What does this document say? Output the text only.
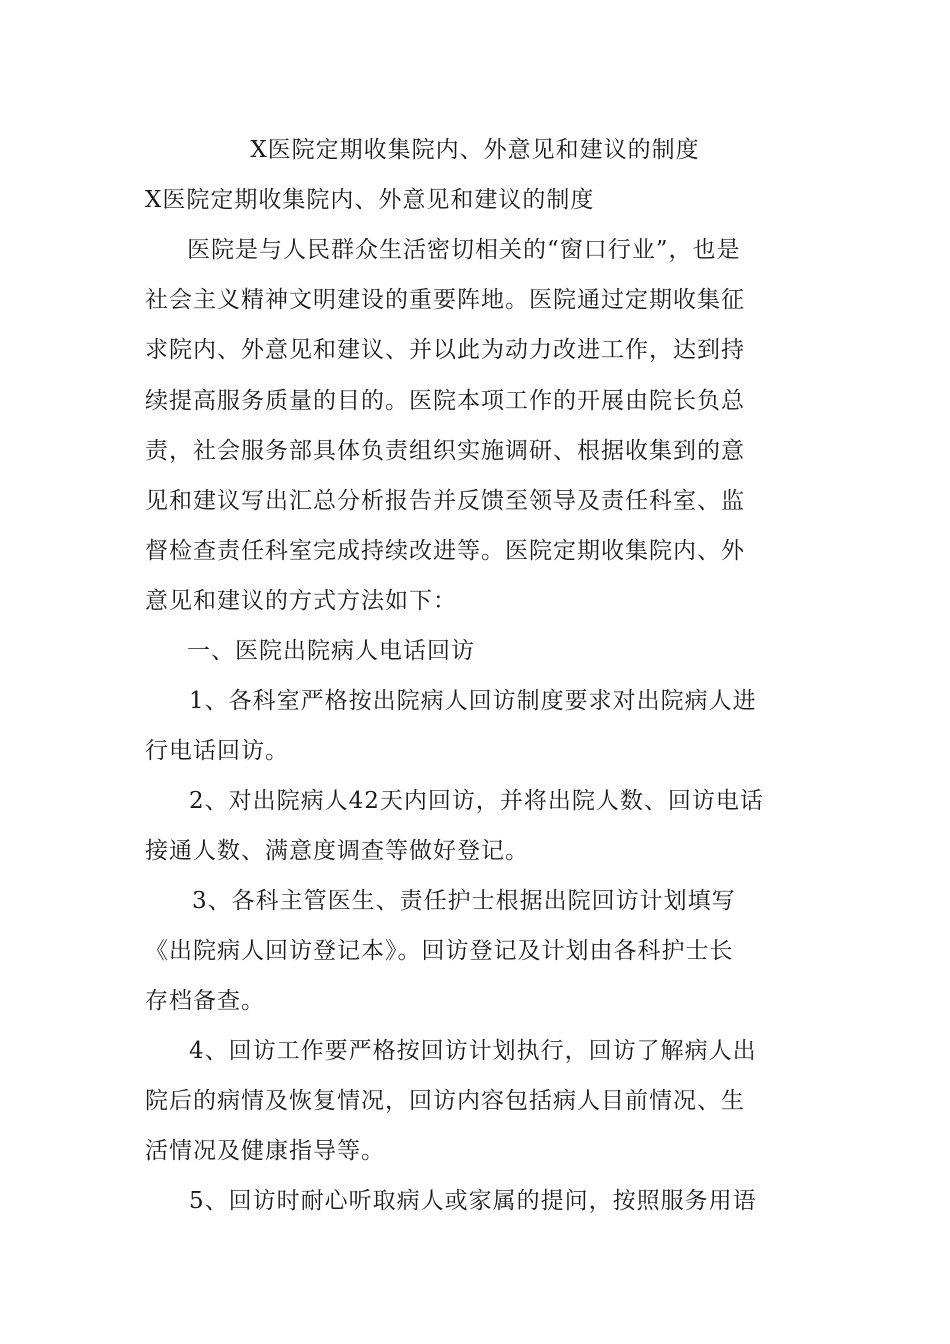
X医院定期收集院内、外意见和建议的制度
X医院定期收集院内、外意见和建议的制度
医院是与人民群众生活密切相关的“窗口行业”，也是
社会主义精神文明建设的重要阵地。医院通过定期收集征
求院内、外意见和建议、并以此为动力改进工作，达到持
续提高服务质量的目的。医院本项工作的开展由院长负总
责，社会服务部具体负责组织实施调研、根据收集到的意
见和建议写出汇总分析报告并反馈至领导及责任科室、监
督检查责任科室完成持续改进等。医院定期收集院内、外
意见和建议的方式方法如下：
一、医院出院病人电话回访
1、各科室严格按出院病人回访制度要求对出院病人进
行电话回访。
2、对出院病人42天内回访，并将出院人数、回访电话
接通人数、满意度调查等做好登记。
3、各科主管医生、责任护士根据出院回访计划填写
《出院病人回访登记本》。回访登记及计划由各科护士长
存档备查。
4、回访工作要严格按回访计划执行，回访了解病人出
院后的病情及恢复情况，回访内容包括病人目前情况、生
活情况及健康指导等。
5、回访时耐心听取病人或家属的提问，按照服务用语
